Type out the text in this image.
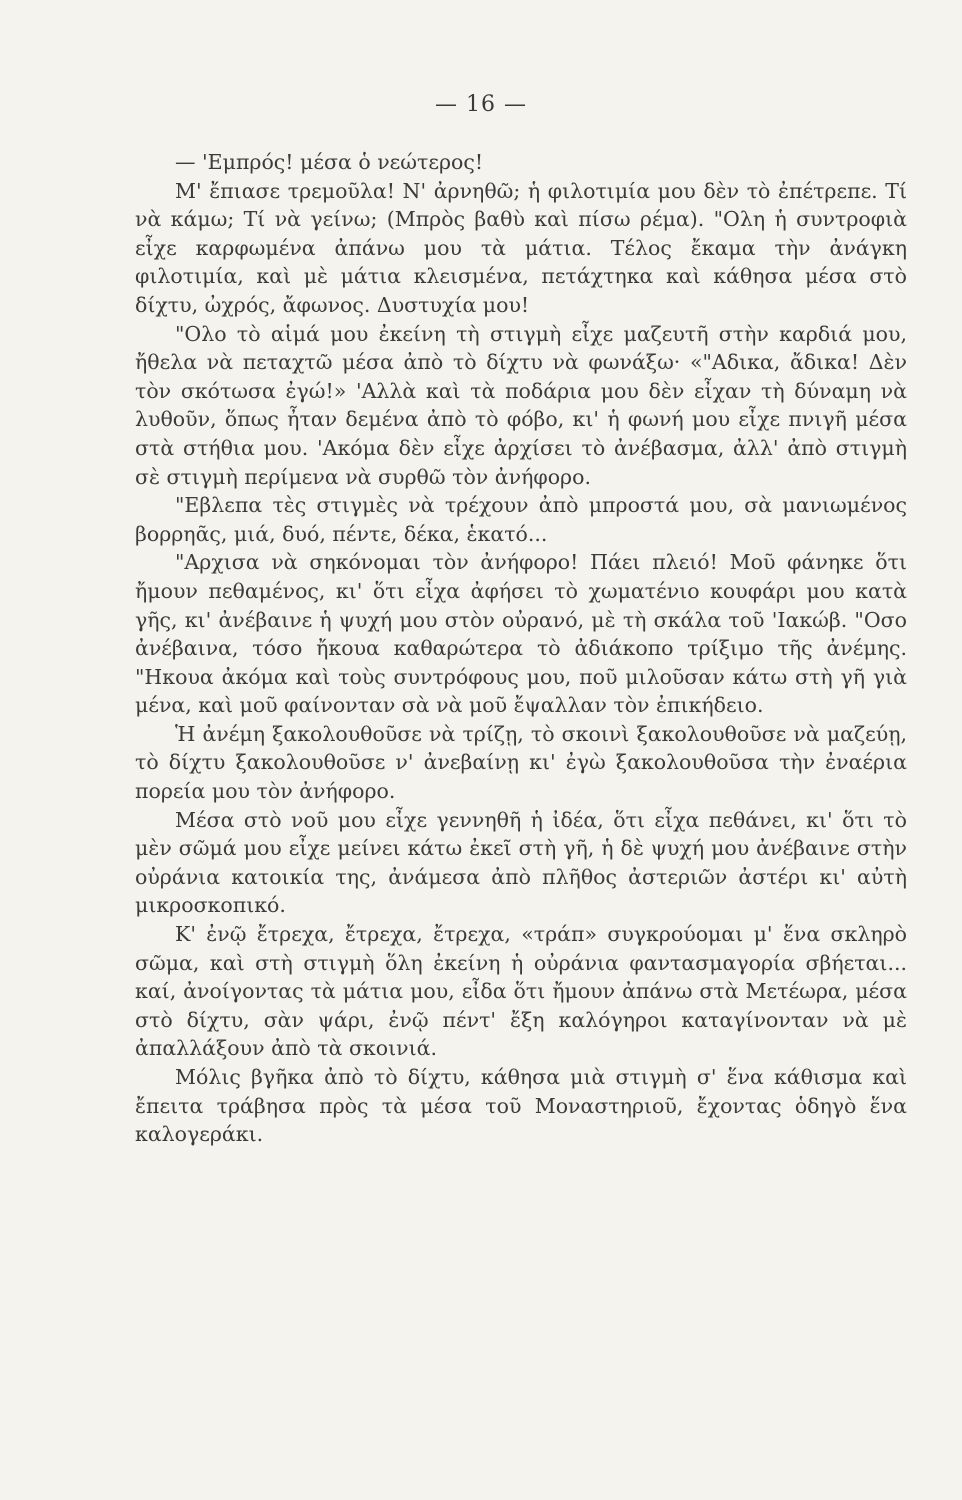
— 16 —

— 'Εμπρός! μέσα ὁ νεώτερος!

Μ' ἔπιασε τρεμοῦλα! Ν' ἀρνηθῶ; ἡ φιλοτιμία μου δὲν τὸ ἐπέτρεπε. Τί νὰ κάμω; Τί νὰ γείνω; (Μπρὸς βαθὺ καὶ πίσω ρέμα). "Ολη ἡ συντροφιὰ εἶχε καρφωμένα ἀπάνω μου τὰ μάτια. Τέλος ἔκαμα τὴν ἀνάγκη φιλοτιμία, καὶ μὲ μάτια κλεισμένα, πετάχτηκα καὶ κάθησα μέσα στὸ δίχτυ, ὠχρός, ἄφωνος. Δυστυχία μου!

"Ολο τὸ αἱμά μου ἐκείνη τὴ στιγμὴ εἶχε μαζευτῆ στὴν καρδιά μου, ἤθελα νὰ πεταχτῶ μέσα ἀπὸ τὸ δίχτυ νὰ φωνάξω· «"Αδικα, ἄδικα! Δὲν τὸν σκότωσα ἐγώ!» 'Αλλὰ καὶ τὰ ποδάρια μου δὲν εἶχαν τὴ δύναμη νὰ λυθοῦν, ὅπως ἦταν δεμένα ἀπὸ τὸ φόβο, κι' ἡ φωνή μου εἶχε πνιγῆ μέσα στὰ στήθια μου. 'Ακόμα δὲν εἶχε ἀρχίσει τὸ ἀνέβασμα, ἀλλ' ἀπὸ στιγμὴ σὲ στιγμὴ περίμενα νὰ συρθῶ τὸν ἀνήφορο.

"Εβλεπα τὲς στιγμὲς νὰ τρέχουν ἀπὸ μπροστά μου, σὰ μανιωμένος βορρηᾶς, μιά, δυό, πέντε, δέκα, ἑκατό...

"Αρχισα νὰ σηκόνομαι τὸν ἀνήφορο! Πάει πλειό! Μοῦ φάνηκε ὅτι ἤμουν πεθαμένος, κι' ὅτι εἶχα ἀφήσει τὸ χωματένιο κουφάρι μου κατὰ γῆς, κι' ἀνέβαινε ἡ ψυχή μου στὸν οὐρανό, μὲ τὴ σκάλα τοῦ 'Ιακώβ. "Οσο ἀνέβαινα, τόσο ἤκουα καθαρώτερα τὸ ἀδιάκοπο τρίξιμο τῆς ἀνέμης. "Ηκουα ἀκόμα καὶ τοὺς συντρόφους μου, ποῦ μιλοῦσαν κάτω στὴ γῆ γιὰ μένα, καὶ μοῦ φαίνονταν σὰ νὰ μοῦ ἔψαλλαν τὸν ἐπικήδειο.

Ἡ ἀνέμη ξακολουθοῦσε νὰ τρίζῃ, τὸ σκοινὶ ξακολουθοῦσε νὰ μαζεύῃ, τὸ δίχτυ ξακολουθοῦσε ν' ἀνεβαίνῃ κι' ἐγὼ ξακολουθοῦσα τὴν ἐναέρια πορεία μου τὸν ἀνήφορο.

Μέσα στὸ νοῦ μου εἶχε γεννηθῆ ἡ ἰδέα, ὅτι εἶχα πεθάνει, κι' ὅτι τὸ μὲν σῶμά μου εἶχε μείνει κάτω ἐκεῖ στὴ γῆ, ἡ δὲ ψυχή μου ἀνέβαινε στὴν οὐράνια κατοικία της, ἀνάμεσα ἀπὸ πλῆθος ἀστεριῶν ἀστέρι κι' αὐτὴ μικροσκοπικό.

Κ' ἐνῷ ἔτρεχα, ἔτρεχα, ἔτρεχα, «τράπ» συγκρούομαι μ' ἕνα σκληρὸ σῶμα, καὶ στὴ στιγμὴ ὅλη ἐκείνη ἡ οὐράνια φαντασμαγορία σβήεται... καί, ἀνοίγοντας τὰ μάτια μου, εἶδα ὅτι ἤμουν ἀπάνω στὰ Μετέωρα, μέσα στὸ δίχτυ, σὰν ψάρι, ἐνῷ πέντ' ἔξη καλόγηροι καταγίνονταν νὰ μὲ ἀπαλλάξουν ἀπὸ τὰ σκοινιά.

Μόλις βγῆκα ἀπὸ τὸ δίχτυ, κάθησα μιὰ στιγμὴ σ' ἕνα κάθισμα καὶ ἔπειτα τράβησα πρὸς τὰ μέσα τοῦ Μοναστηριοῦ, ἔχοντας ὁδηγὸ ἕνα καλογεράκι.
